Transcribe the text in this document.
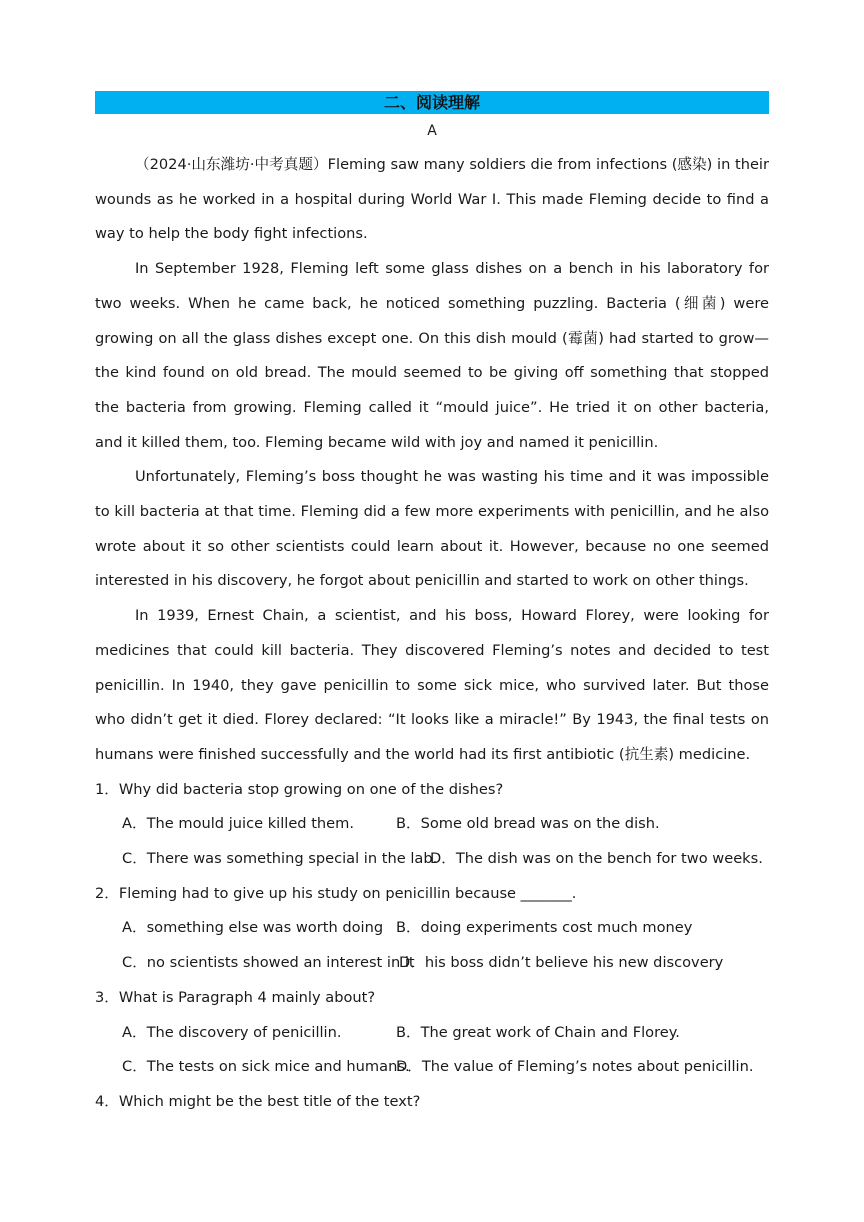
二、阅读理解
A

（2024·山东潍坊·中考真题）Fleming saw many soldiers die from infections (感染) in their wounds as he worked in a hospital during World War I. This made Fleming decide to find a way to help the body fight infections.

In September 1928, Fleming left some glass dishes on a bench in his laboratory for two weeks. When he came back, he noticed something puzzling. Bacteria (细菌) were growing on all the glass dishes except one. On this dish mould (霉菌) had started to grow—the kind found on old bread. The mould seemed to be giving off something that stopped the bacteria from growing. Fleming called it “mould juice”. He tried it on other bacteria, and it killed them, too. Fleming became wild with joy and named it penicillin.

Unfortunately, Fleming’s boss thought he was wasting his time and it was impossible to kill bacteria at that time. Fleming did a few more experiments with penicillin, and he also wrote about it so other scientists could learn about it. However, because no one seemed interested in his discovery, he forgot about penicillin and started to work on other things.

In 1939, Ernest Chain, a scientist, and his boss, Howard Florey, were looking for medicines that could kill bacteria. They discovered Fleming’s notes and decided to test penicillin. In 1940, they gave penicillin to some sick mice, who survived later. But those who didn’t get it died. Florey declared: “It looks like a miracle!” By 1943, the final tests on humans were finished successfully and the world had its first antibiotic (抗生素) medicine.

1．Why did bacteria stop growing on one of the dishes?

A．The mould juice killed them.	B．Some old bread was on the dish.
C．There was something special in the lab.
D．The dish was on the bench for two weeks.

2．Fleming had to give up his study on penicillin because _______.

A．something else was worth doing B．doing experiments cost much money
C．no scientists showed an interest in it
D．his boss didn’t believe his new discovery

3．What is Paragraph 4 mainly about?

A．The discovery of penicillin.	B．The great work of Chain and Florey.
C．The tests on sick mice and humans.
D．The value of Fleming’s notes about penicillin.

4．Which might be the best title of the text?
